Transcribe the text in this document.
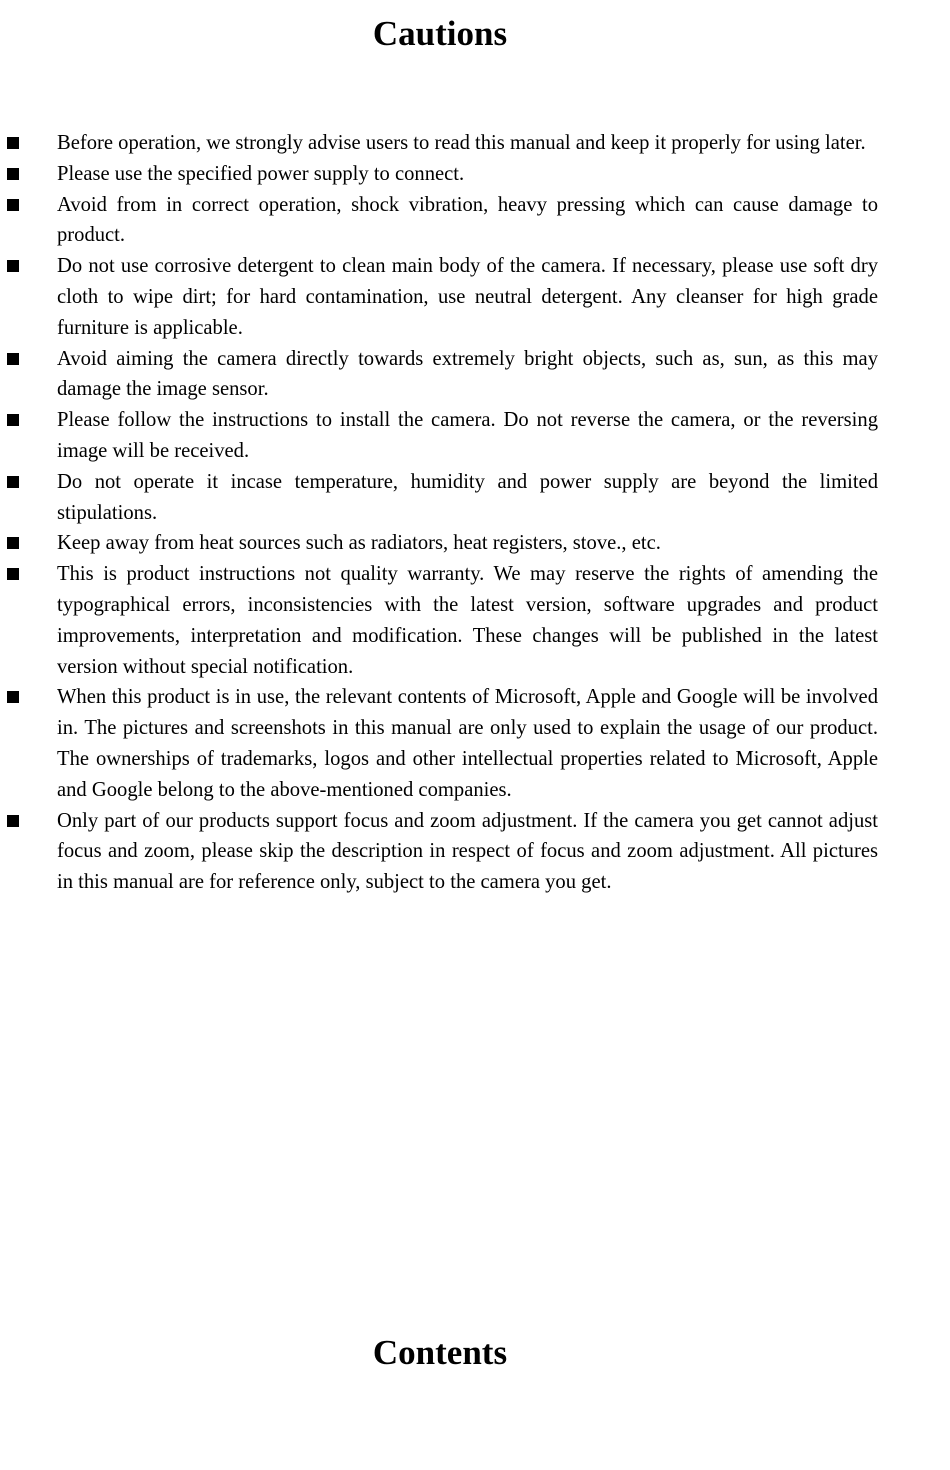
Cautions
Before operation, we strongly advise users to read this manual and keep it properly for using later.
Please use the specified power supply to connect.
Avoid from in correct operation, shock vibration, heavy pressing which can cause damage to product.
Do not use corrosive detergent to clean main body of the camera. If necessary, please use soft dry cloth to wipe dirt; for hard contamination, use neutral detergent. Any cleanser for high grade furniture is applicable.
Avoid aiming the camera directly towards extremely bright objects, such as, sun, as this may damage the image sensor.
Please follow the instructions to install the camera. Do not reverse the camera, or the reversing image will be received.
Do not operate it incase temperature, humidity and power supply are beyond the limited stipulations.
Keep away from heat sources such as radiators, heat registers, stove., etc.
This is product instructions not quality warranty. We may reserve the rights of amending the typographical errors, inconsistencies with the latest version, software upgrades and product improvements, interpretation and modification. These changes will be published in the latest version without special notification.
When this product is in use, the relevant contents of Microsoft, Apple and Google will be involved in. The pictures and screenshots in this manual are only used to explain the usage of our product. The ownerships of trademarks, logos and other intellectual properties related to Microsoft, Apple and Google belong to the above-mentioned companies.
Only part of our products support focus and zoom adjustment. If the camera you get cannot adjust focus and zoom, please skip the description in respect of focus and zoom adjustment. All pictures in this manual are for reference only, subject to the camera you get.
Contents
